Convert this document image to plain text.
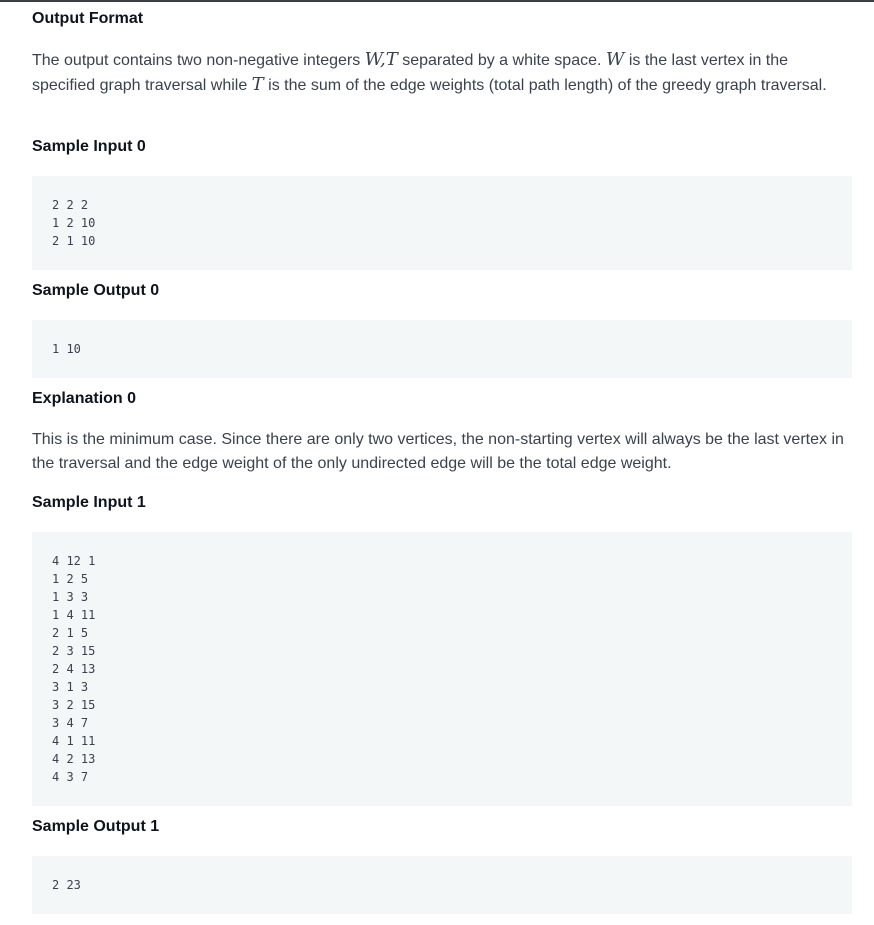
Output Format

The output contains two non-negative integers W,T separated by a white space. W is the last vertex in the specified graph traversal while T is the sum of the edge weights (total path length) of the greedy graph traversal.

Sample Input 0
2 2 2
1 2 10
2 1 10
Sample Output 0
1 10
Explanation 0

This is the minimum case. Since there are only two vertices, the non-starting vertex will always be the last vertex in the traversal and the edge weight of the only undirected edge will be the total edge weight.

Sample Input 1
4 12 1
1 2 5
1 3 3
1 4 11
2 1 5
2 3 15
2 4 13
3 1 3
3 2 15
3 4 7
4 1 11
4 2 13
4 3 7
Sample Output 1
2 23
